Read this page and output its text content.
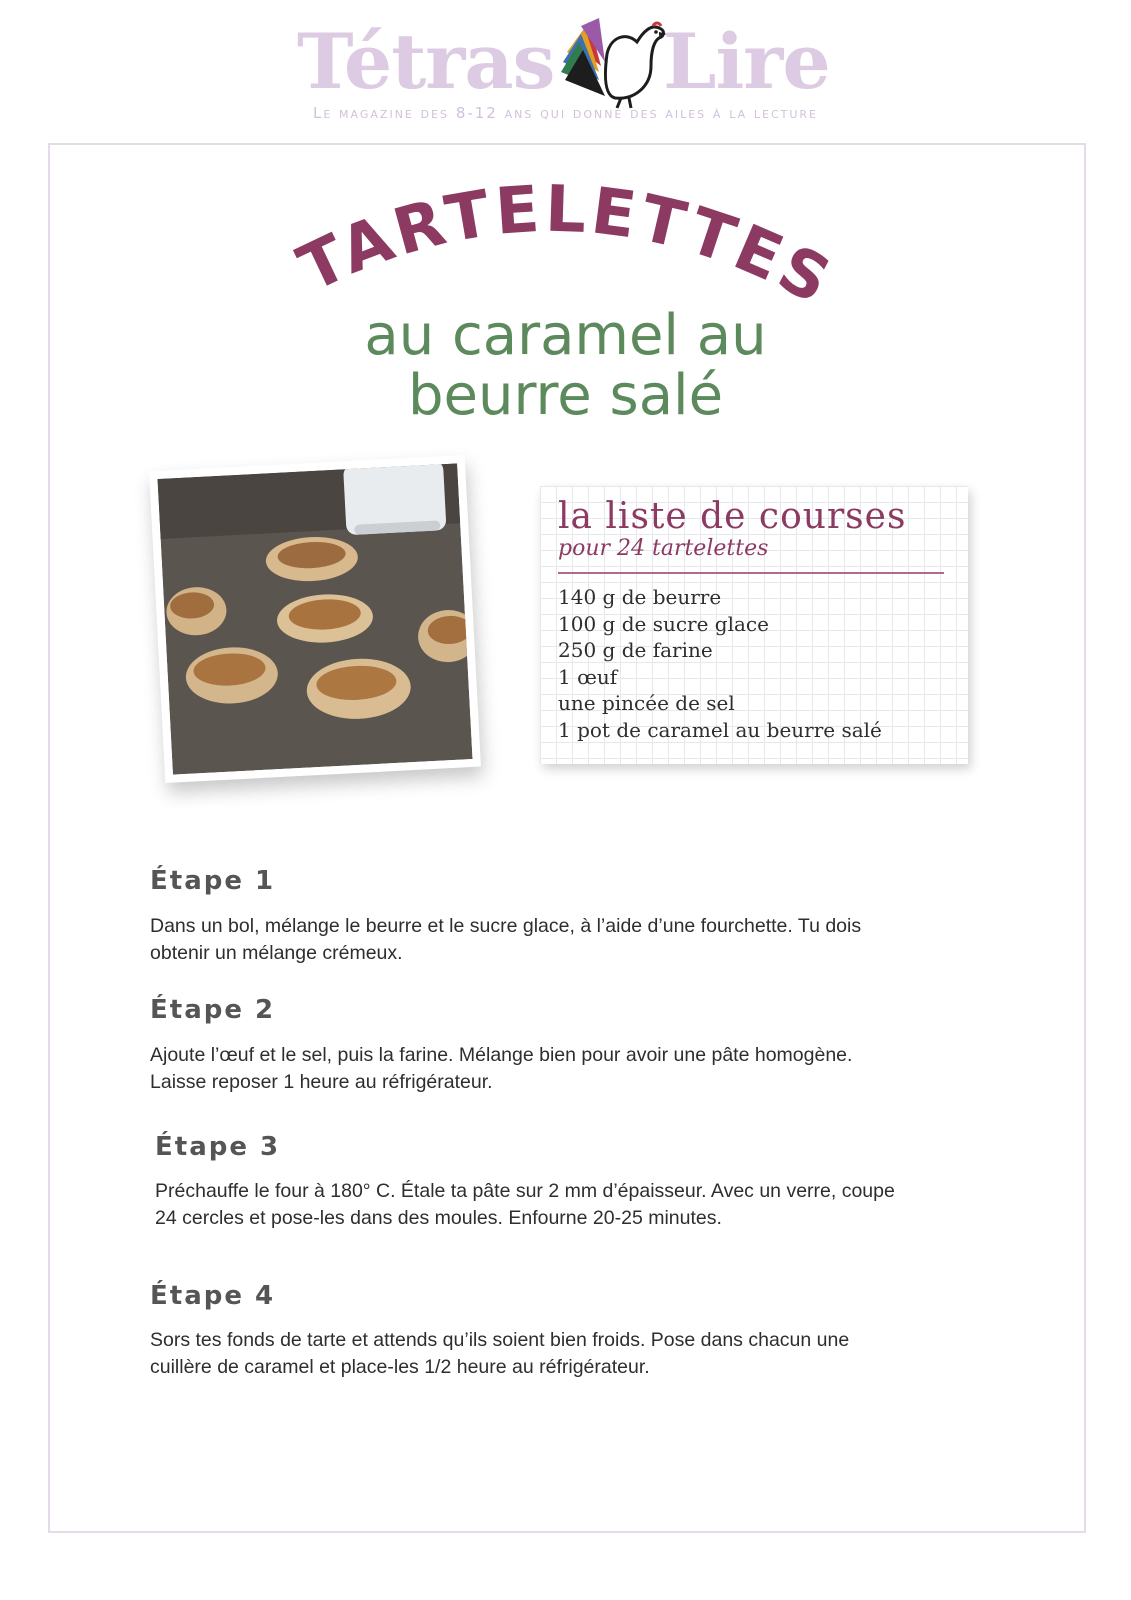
Tétras Lire
Le magazine des 8-12 ans qui donne des ailes à la lecture
TARTELETTES
au caramel au
beurre salé
la liste de courses
pour 24 tartelettes
140 g de beurre
100 g de sucre glace
250 g de farine
1 œuf
une pincée de sel
1 pot de caramel au beurre salé
Étape 1
Dans un bol, mélange le beurre et le sucre glace, à l’aide d’une fourchette. Tu dois
obtenir un mélange crémeux.
Étape 2
Ajoute l’œuf et le sel, puis la farine. Mélange bien pour avoir une pâte homogène.
Laisse reposer 1 heure au réfrigérateur.
Étape 3
Préchauffe le four à 180° C. Étale ta pâte sur 2 mm d’épaisseur. Avec un verre, coupe
24 cercles et pose-les dans des moules. Enfourne 20-25 minutes.
Étape 4
Sors tes fonds de tarte et attends qu’ils soient bien froids. Pose dans chacun une
cuillère de caramel et place-les 1/2 heure au réfrigérateur.
